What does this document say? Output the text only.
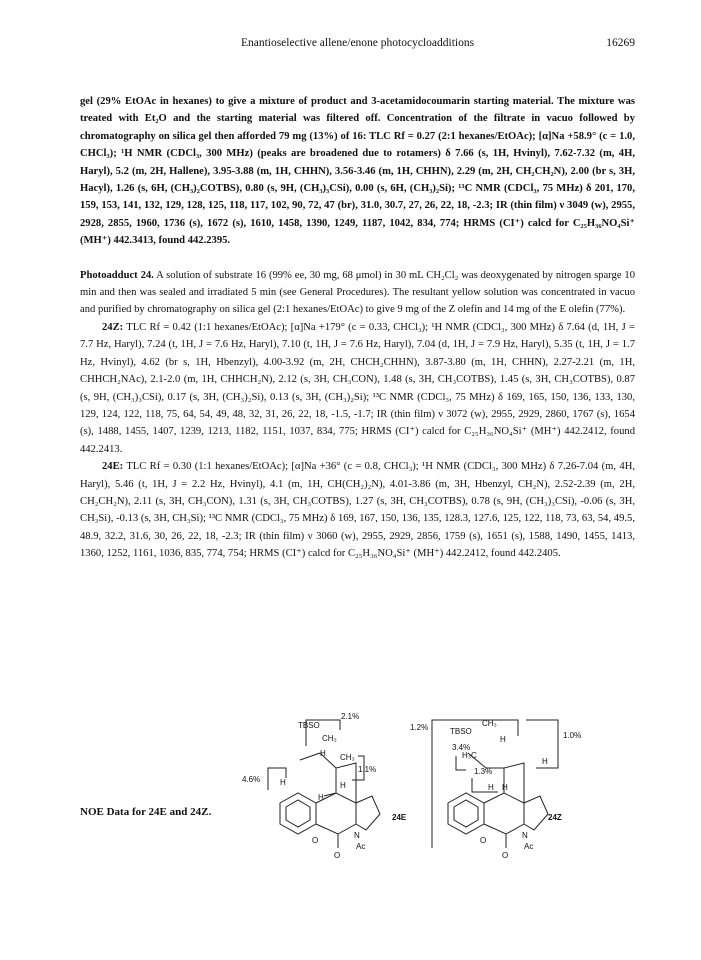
Enantioselective allene/enone photocycloadditions	16269

gel (29% EtOAc in hexanes) to give a mixture of product and 3-acetamidocoumarin starting material. The mixture was treated with Et₂O and the starting material was filtered off. Concentration of the filtrate in vacuo followed by chromatography on silica gel then afforded 79 mg (13%) of 16: TLC Rf = 0.27 (2:1 hexanes/EtOAc); [α]Na +58.9° (c = 1.0, CHCl₃); ¹H NMR (CDCl₃, 300 MHz) (peaks are broadened due to rotamers) δ 7.66 (s, 1H, Hvinyl), 7.62-7.32 (m, 4H, Haryl), 5.2 (m, 2H, Hallene), 3.95-3.88 (m, 1H, CHHN), 3.56-3.46 (m, 1H, CHHN), 2.29 (m, 2H, CH₂CH₂N), 2.00 (br s, 3H, Hacyl), 1.26 (s, 6H, (CH₃)₂COTBS), 0.80 (s, 9H, (CH₃)₃CSi), 0.00 (s, 6H, (CH₃)₂Si); ¹³C NMR (CDCl₃, 75 MHz) δ 201, 170, 159, 153, 141, 132, 129, 128, 125, 118, 117, 102, 90, 72, 47 (br), 31.0, 30.7, 27, 26, 22, 18, -2.3; IR (thin film) ν 3049 (w), 2955, 2928, 2855, 1960, 1736 (s), 1672 (s), 1610, 1458, 1390, 1249, 1187, 1042, 834, 774; HRMS (CI⁺) calcd for C₂₅H₃₆NO₄Si⁺ (MH⁺) 442.3413, found 442.2395.

Photoadduct 24. A solution of substrate 16 (99% ee, 30 mg, 68 μmol) in 30 mL CH₂Cl₂ was deoxygenated by nitrogen sparge 10 min and then was sealed and irradiated 5 min (see General Procedures). The resultant yellow solution was concentrated in vacuo and purified by chromatography on silica gel (2:1 hexanes/EtOAc) to give 9 mg of the Z olefin and 14 mg of the E olefin (77%).

24Z: TLC Rf = 0.42 (1:1 hexanes/EtOAc); [α]Na +179° (c = 0.33, CHCl₃); ¹H NMR (CDCl₃, 300 MHz) δ 7.64 (d, 1H, J = 7.7 Hz, Haryl), 7.24 (t, 1H, J = 7.6 Hz, Haryl), 7.10 (t, 1H, J = 7.6 Hz, Haryl), 7.04 (d, 1H, J = 7.9 Hz, Haryl), 5.35 (t, 1H, J = 1.7 Hz, Hvinyl), 4.62 (br s, 1H, Hbenzyl), 4.00-3.92 (m, 2H, CHCH₂CHHN), 3.87-3.80 (m, 1H, CHHN), 2.27-2.21 (m, 1H, CHHCH₂NAc), 2.1-2.0 (m, 1H, CHHCH₂N), 2.12 (s, 3H, CH₃CON), 1.48 (s, 3H, CH₃COTBS), 1.45 (s, 3H, CH₃COTBS), 0.87 (s, 9H, (CH₃)₃CSi), 0.17 (s, 3H, (CH₃)₂Si), 0.13 (s, 3H, (CH₃)₂Si); ¹³C NMR (CDCl₃, 75 MHz) δ 169, 165, 150, 136, 133, 130, 129, 124, 122, 118, 75, 64, 54, 49, 48, 32, 31, 26, 22, 18, -1.5, -1.7; IR (thin film) ν 3072 (w), 2955, 2929, 2860, 1767 (s), 1654 (s), 1488, 1455, 1407, 1239, 1213, 1182, 1151, 1037, 834, 775; HRMS (CI⁺) calcd for C₂₅H₃₆NO₄Si⁺ (MH⁺) 442.2412, found 442.2413.

24E: TLC Rf = 0.30 (1:1 hexanes/EtOAc); [α]Na +36° (c = 0.8, CHCl₃); ¹H NMR (CDCl₃, 300 MHz) δ 7.26-7.04 (m, 4H, Haryl), 5.46 (t, 1H, J = 2.2 Hz, Hvinyl), 4.1 (m, 1H, CH(CH₂)₂N), 4.01-3.86 (m, 3H, Hbenzyl, CH₂N), 2.52-2.39 (m, 2H, CH₂CH₂N), 2.11 (s, 3H, CH₃CON), 1.31 (s, 3H, CH₃COTBS), 1.27 (s, 3H, CH₃COTBS), 0.78 (s, 9H, (CH₃)₃CSi), -0.06 (s, 3H, CH₃Si), -0.13 (s, 3H, CH₃Si); ¹³C NMR (CDCl₃, 75 MHz) δ 169, 167, 150, 136, 135, 128.3, 127.6, 125, 122, 118, 73, 63, 54, 49.5, 48.9, 32.2, 31.6, 30, 26, 22, 18, -2.3; IR (thin film) ν 3060 (w), 2955, 2929, 2856, 1759 (s), 1651 (s), 1588, 1490, 1455, 1413, 1360, 1252, 1161, 1036, 835, 774, 754; HRMS (CI⁺) calcd for C₂₅H₃₆NO₄Si⁺ (MH⁺) 442.2412, found 442.2405.

NOE Data for 24E and 24Z.
TBSO
CH₃
2.1%
H CH₃
1.1%
4.6% H	H
H
O
O
N
Ac
24E
1.2%	TBSO
CH₃
3.4%
H₃C
H
1.3%
1.0%
H
H H
O
O
N
Ac
24Z
